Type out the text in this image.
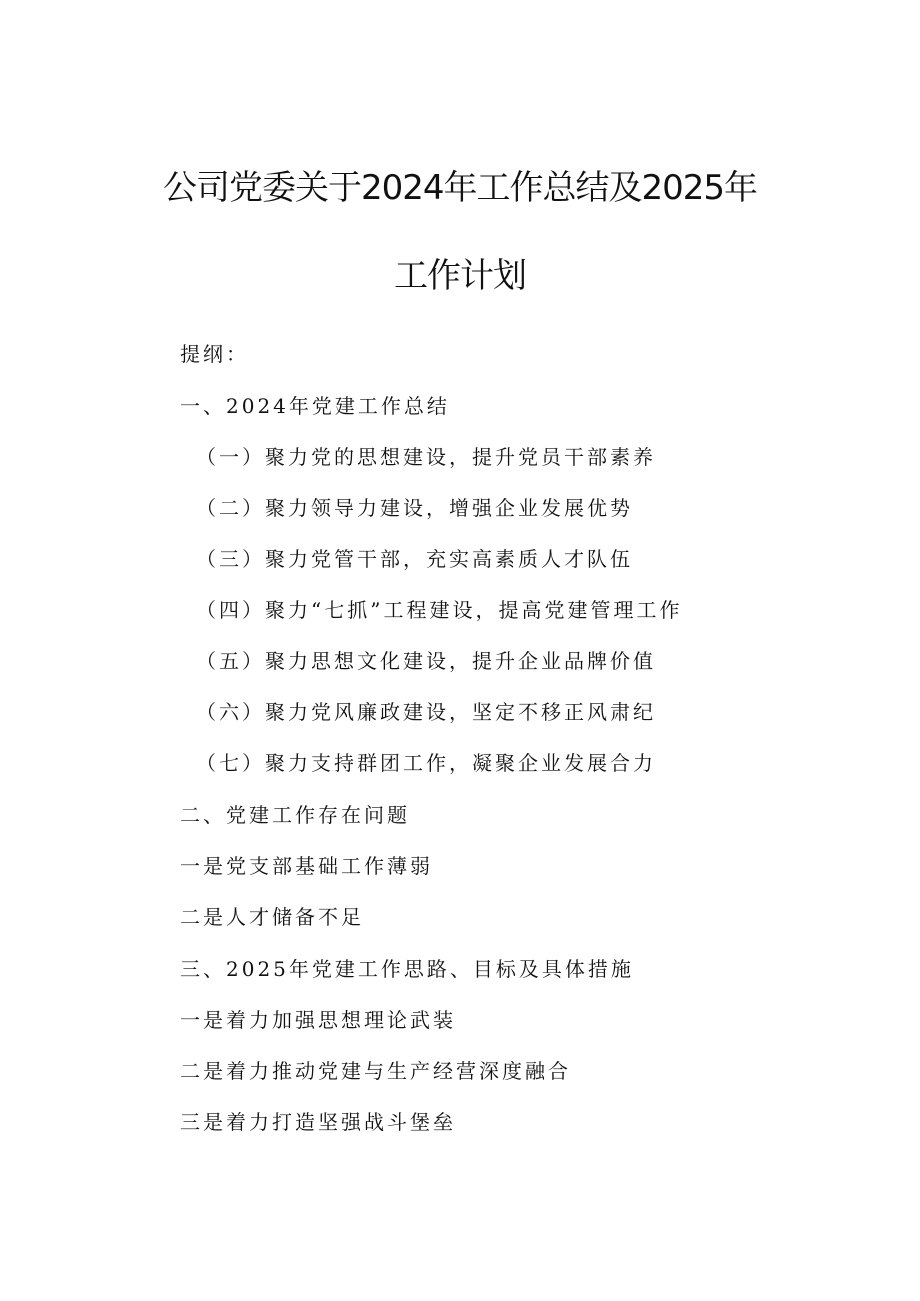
公司党委关于2024年工作总结及2025年
工作计划
提纲：
一、2024年党建工作总结
（一）聚力党的思想建设，提升党员干部素养
（二）聚力领导力建设，增强企业发展优势
（三）聚力党管干部，充实高素质人才队伍
（四）聚力“七抓”工程建设，提高党建管理工作
（五）聚力思想文化建设，提升企业品牌价值
（六）聚力党风廉政建设，坚定不移正风肃纪
（七）聚力支持群团工作，凝聚企业发展合力
二、党建工作存在问题
一是党支部基础工作薄弱
二是人才储备不足
三、2025年党建工作思路、目标及具体措施
一是着力加强思想理论武装
二是着力推动党建与生产经营深度融合
三是着力打造坚强战斗堡垒
